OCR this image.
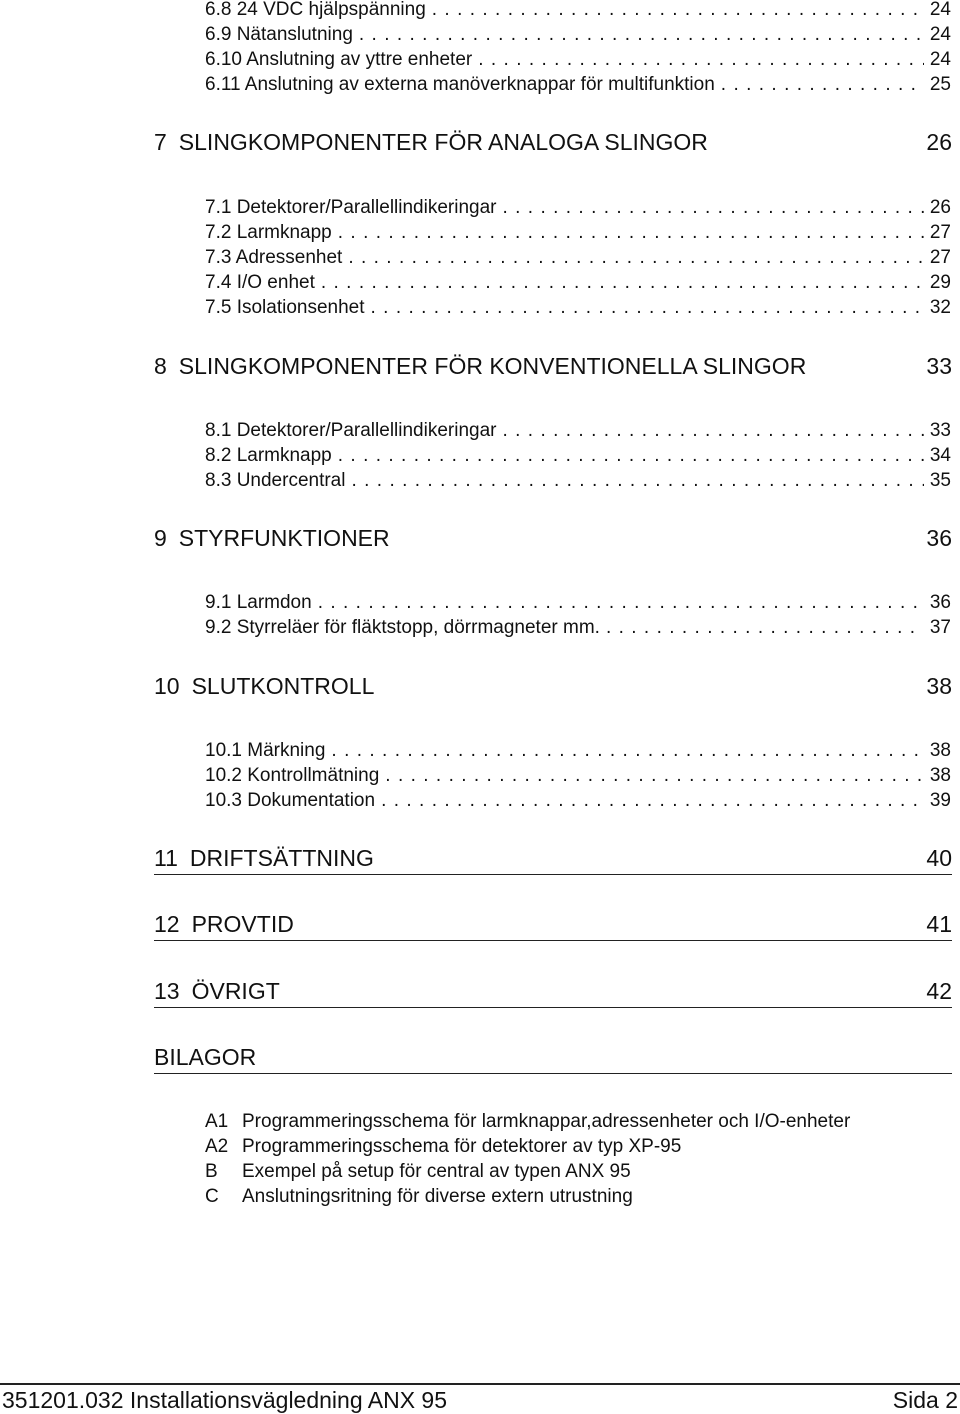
6.8 24 VDC hjälpspänning . . .	24
6.9 Nätanslutning . . .	24
6.10 Anslutning av yttre enheter . . .	24
6.11 Anslutning av externa manöverknappar för multifunktion . . .	25
7 SLINGKOMPONENTER FÖR ANALOGA SLINGOR	26
7.1 Detektorer/Parallellindikeringar . . .	26
7.2 Larmknapp . . .	27
7.3 Adressenhet . . .	27
7.4 I/O enhet . . .	29
7.5 Isolationsenhet . . .	32
8 SLINGKOMPONENTER FÖR KONVENTIONELLA SLINGOR	33
8.1 Detektorer/Parallellindikeringar . . .	33
8.2 Larmknapp . . .	34
8.3 Undercentral . . .	35
9 STYRFUNKTIONER	36
9.1 Larmdon . . .	36
9.2 Styrreläer för fläktstopp, dörrmagneter mm. . . .	37
10 SLUTKONTROLL	38
10.1 Märkning . . .	38
10.2 Kontrollmätning . . .	38
10.3 Dokumentation . . .	39
11 DRIFTSÄTTNING	40
12 PROVTID	41
13 ÖVRIGT	42
BILAGOR
A1 Programmeringsschema för larmknappar,adressenheter och I/O-enheter
A2 Programmeringsschema för detektorer av typ XP-95
B Exempel på setup för central av typen ANX 95
C Anslutningsritning för diverse extern utrustning
351201.032 Installationsvägledning ANX 95	Sida 2
